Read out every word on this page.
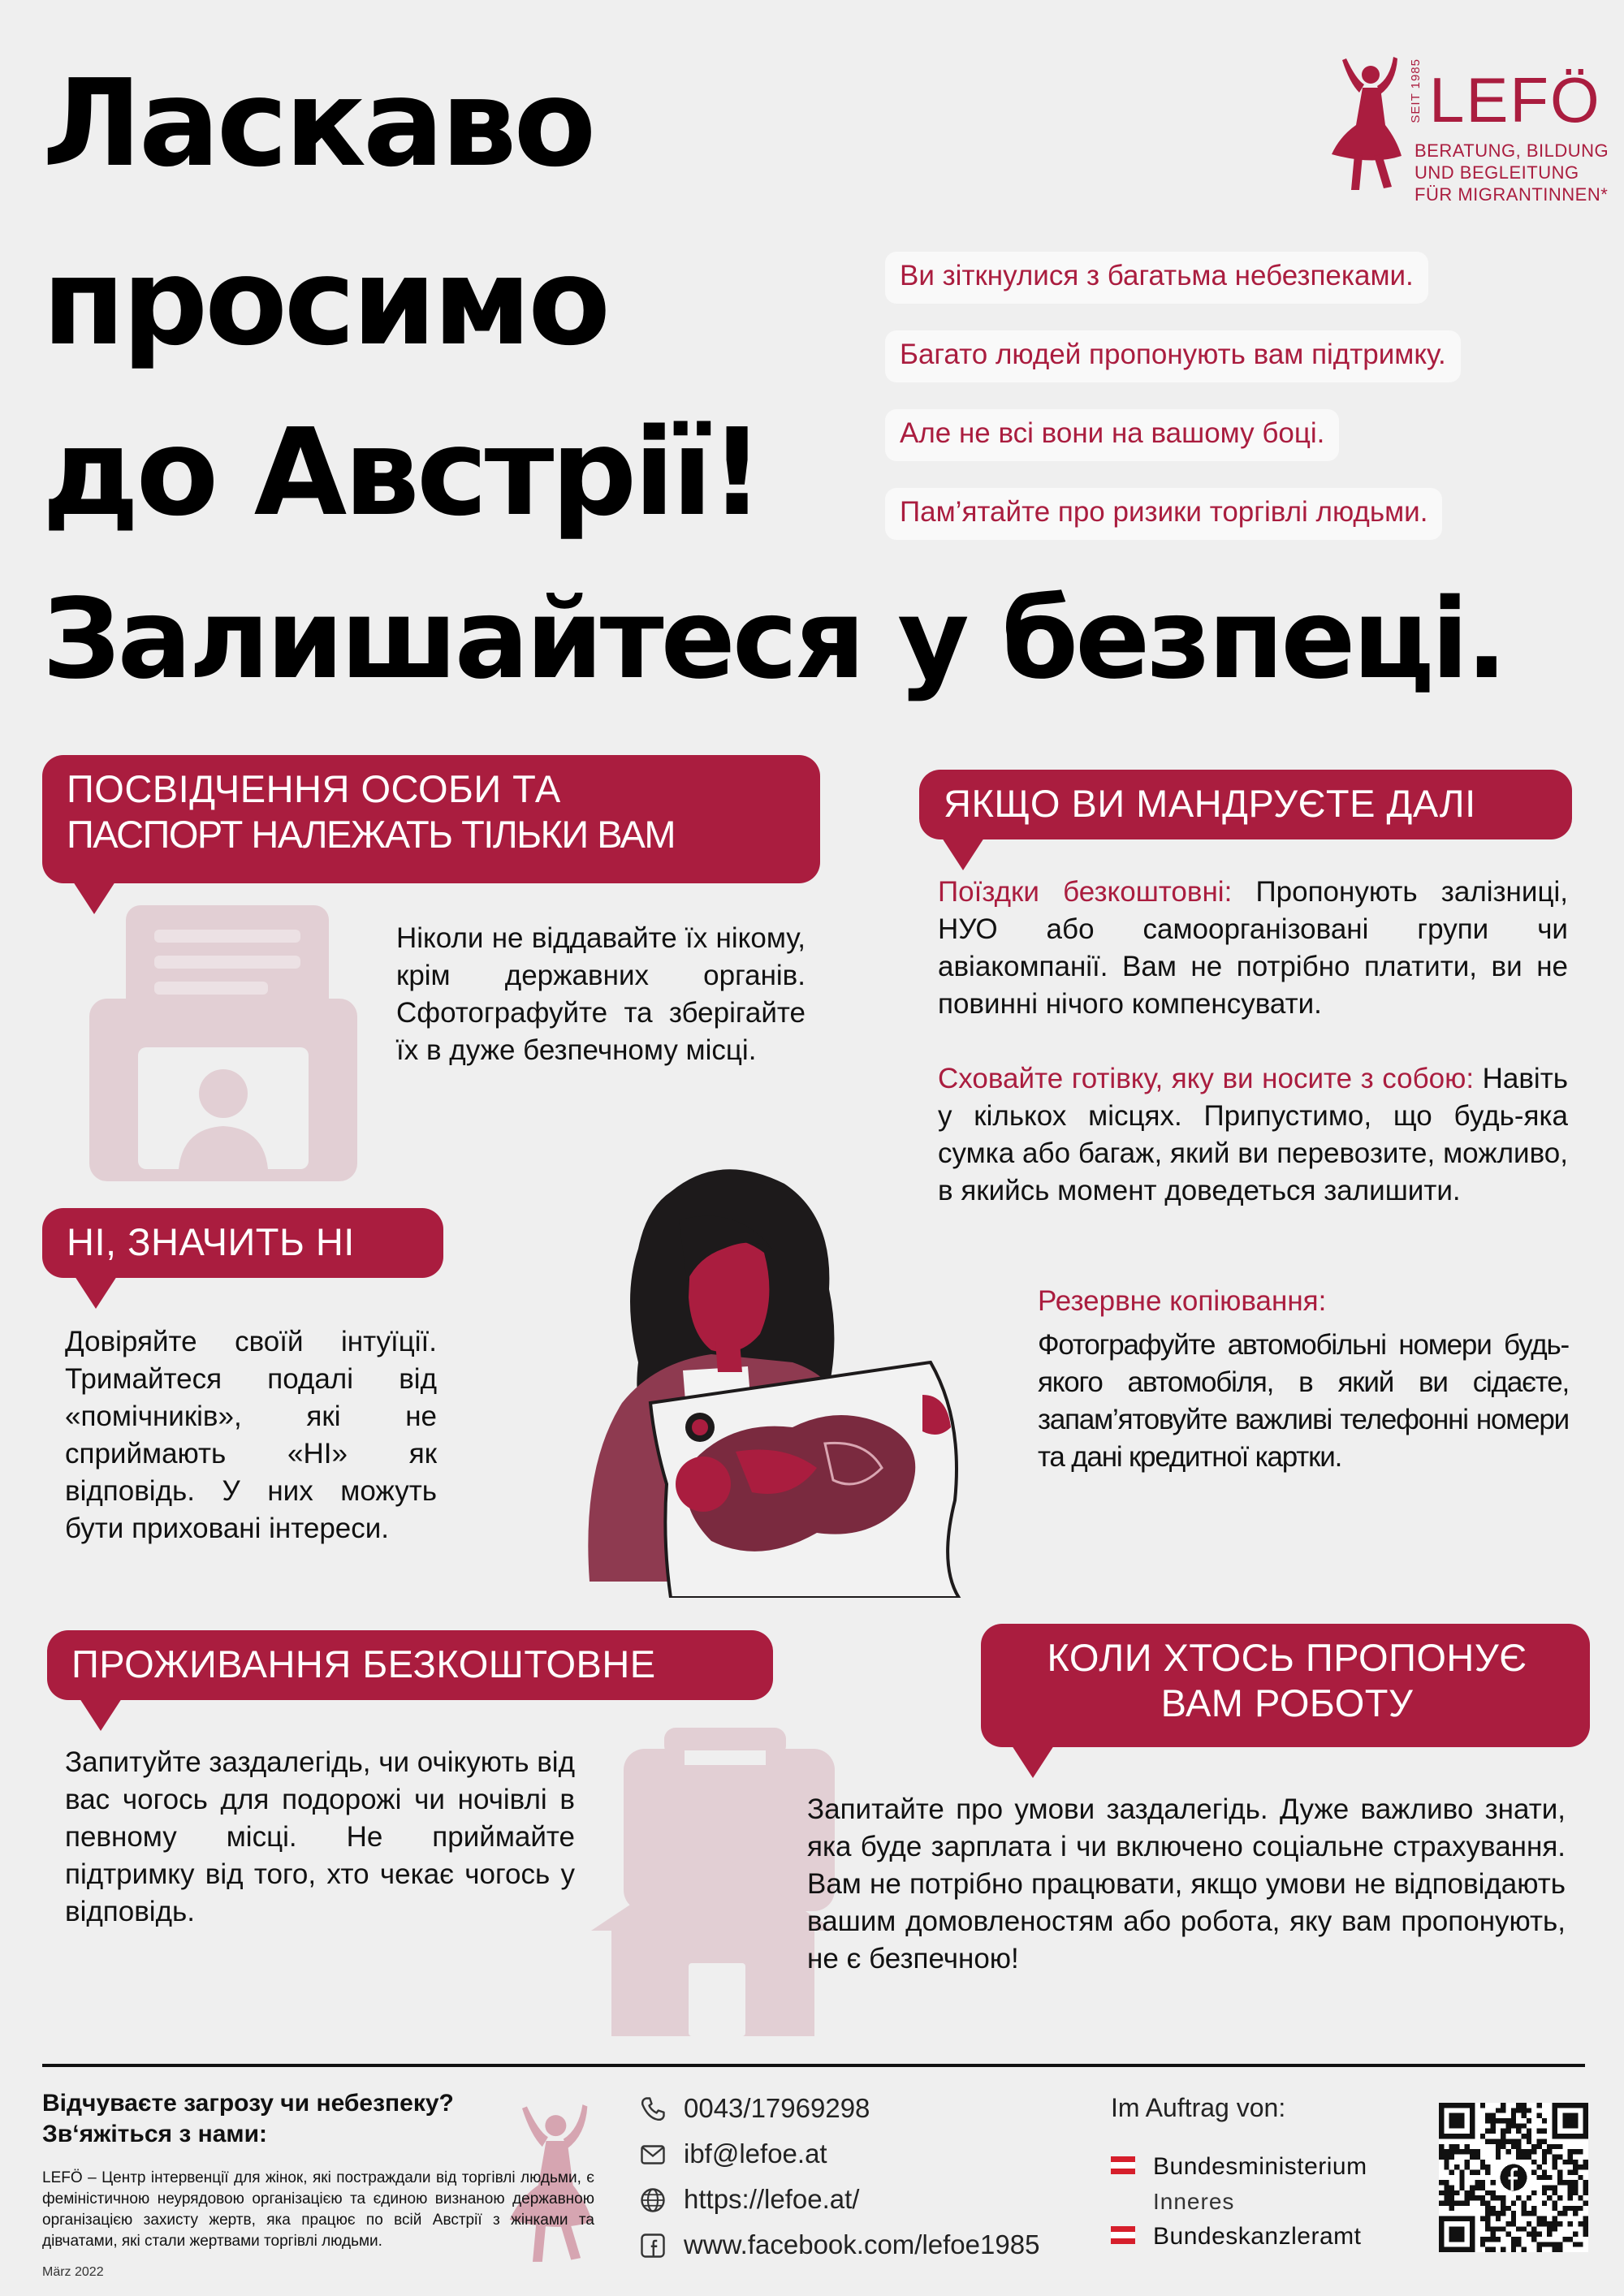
Ласкаво
просимо
до Австрії!
Залишайтеся у безпеці.
SEIT 1985 LEFÖ
BERATUNG, BILDUNG
UND BEGLEITUNG
FÜR MIGRANTINNEN*
Ви зіткнулися з багатьма небезпеками.
Багато людей пропонують вам підтримку.
Але не всі вони на вашому боці.
Пам’ятайте про ризики торгівлі людьми.
ПОСВІДЧЕННЯ ОСОБИ ТА
ПАСПОРТ НАЛЕЖАТЬ ТІЛЬКИ ВАМ
Ніколи не віддавайте їх нікому, крім державних органів. Сфотографуйте та зберігайте їх в дуже безпечному місці.
НІ, ЗНАЧИТЬ НІ
Довіряйте своїй інтуїції. Тримайтеся подалі від «помічників», які не сприймають «НІ» як відповідь. У них можуть бути приховані інтереси.
ЯКЩО ВИ МАНДРУЄТЕ ДАЛІ
Поїздки безкоштовні: Пропонують залізниці, НУО або самоорганізовані групи чи авіакомпанії. Вам не потрібно платити, ви не повинні нічого компенсувати.
Сховайте готівку, яку ви носите з собою: Навіть у кількох місцях. Припустимо, що будь-яка сумка або багаж, який ви перевозите, можливо, в якийсь момент доведеться залишити.
Резервне копіювання:
Фотографуйте автомобільні номери будь-якого автомобіля, в який ви сідаєте, запам’ятовуйте важливі телефонні номери та дані кредитної картки.
ПРОЖИВАННЯ БЕЗКОШТОВНЕ
Запитуйте заздалегідь, чи очікують від вас чогось для подорожі чи ночівлі в певному місці. Не приймайте підтримку від того, хто чекає чогось у відповідь.
КОЛИ ХТОСЬ ПРОПОНУЄ
ВАМ РОБОТУ
Запитайте про умови заздалегідь. Дуже важливо знати, яка буде зарплата і чи включено соціальне страхування. Вам не потрібно працювати, якщо умови не відповідають вашим домовленостям або робота, яку вам пропонують, не є безпечною!
Відчуваєте загрозу чи небезпеку? Зв‘яжіться з нами:
LEFÖ – Центр інтервенції для жінок, які постраждали від торгівлі людьми, є феміністичною неурядовою організацією та єдиною визнаною державною організацією захисту жертв, яка працює по всій Австрії з жінками та дівчатами, які стали жертвами торгівлі людьми.
März 2022
0043/17969298
ibf@lefoe.at
https://lefoe.at/
www.facebook.com/lefoe1985
Im Auftrag von:
Bundesministerium
Inneres
Bundeskanzleramt
